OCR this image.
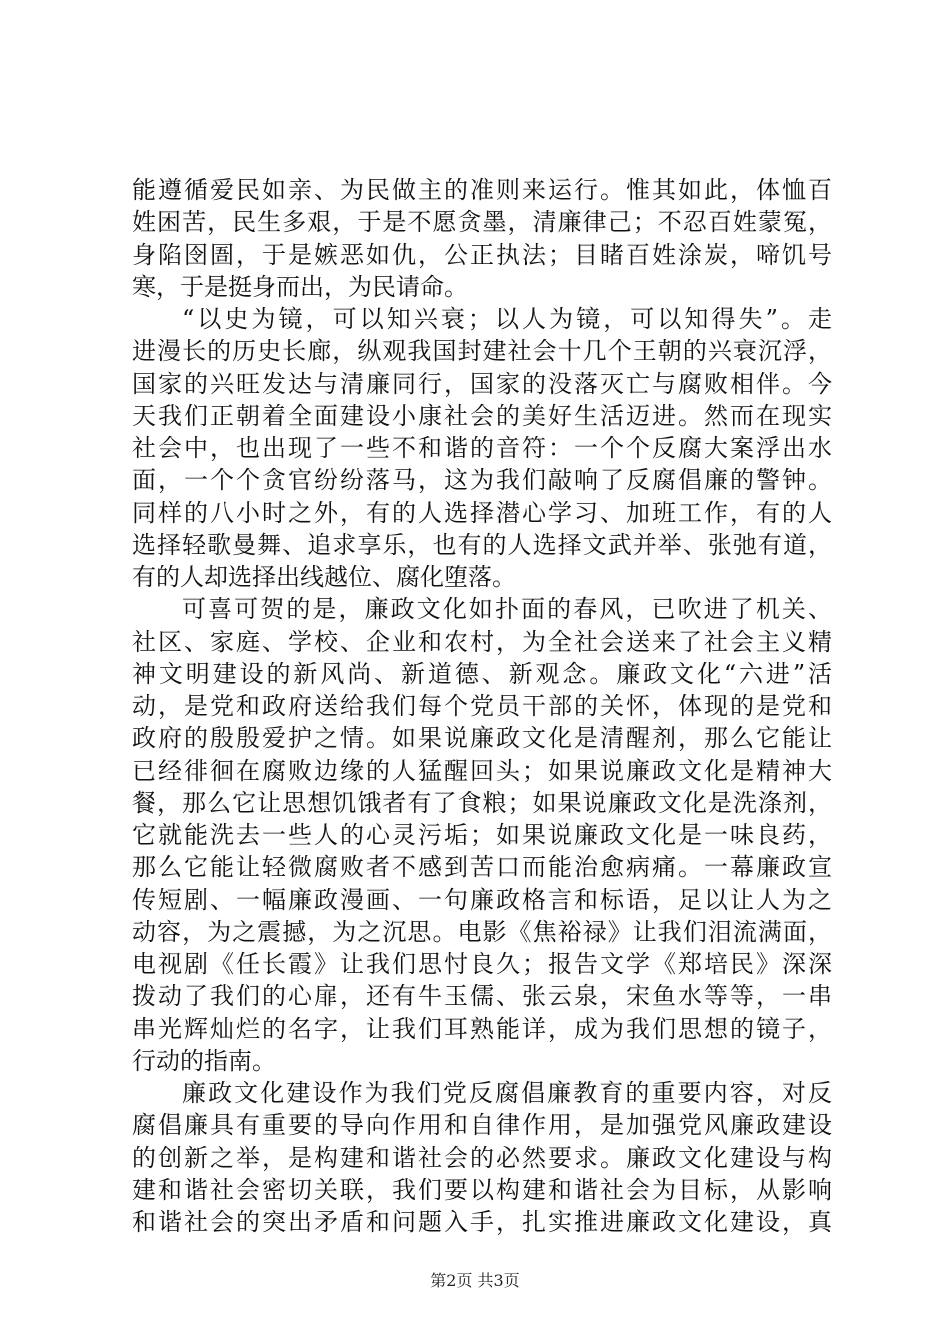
能遵循爱民如亲、为民做主的准则来运行。惟其如此，体恤百
姓困苦，民生多艰，于是不愿贪墨，清廉律己；不忍百姓蒙冤，
身陷囹圄，于是嫉恶如仇，公正执法；目睹百姓涂炭，啼饥号
寒，于是挺身而出，为民请命。
“以史为镜，可以知兴衰；以人为镜，可以知得失”。走
进漫长的历史长廊，纵观我国封建社会十几个王朝的兴衰沉浮，
国家的兴旺发达与清廉同行，国家的没落灭亡与腐败相伴。今
天我们正朝着全面建设小康社会的美好生活迈进。然而在现实
社会中，也出现了一些不和谐的音符：一个个反腐大案浮出水
面，一个个贪官纷纷落马，这为我们敲响了反腐倡廉的警钟。
同样的八小时之外，有的人选择潜心学习、加班工作，有的人
选择轻歌曼舞、追求享乐，也有的人选择文武并举、张弛有道，
有的人却选择出线越位、腐化堕落。
可喜可贺的是，廉政文化如扑面的春风，已吹进了机关、
社区、家庭、学校、企业和农村，为全社会送来了社会主义精
神文明建设的新风尚、新道德、新观念。廉政文化“六进”活
动，是党和政府送给我们每个党员干部的关怀，体现的是党和
政府的殷殷爱护之情。如果说廉政文化是清醒剂，那么它能让
已经徘徊在腐败边缘的人猛醒回头；如果说廉政文化是精神大
餐，那么它让思想饥饿者有了食粮；如果说廉政文化是洗涤剂，
它就能洗去一些人的心灵污垢；如果说廉政文化是一味良药，
那么它能让轻微腐败者不感到苦口而能治愈病痛。一幕廉政宣
传短剧、一幅廉政漫画、一句廉政格言和标语，足以让人为之
动容，为之震撼，为之沉思。电影《焦裕禄》让我们泪流满面，
电视剧《任长霞》让我们思忖良久；报告文学《郑培民》深深
拨动了我们的心扉，还有牛玉儒、张云泉，宋鱼水等等，一串
串光辉灿烂的名字，让我们耳熟能详，成为我们思想的镜子，
行动的指南。
廉政文化建设作为我们党反腐倡廉教育的重要内容，对反
腐倡廉具有重要的导向作用和自律作用，是加强党风廉政建设
的创新之举，是构建和谐社会的必然要求。廉政文化建设与构
建和谐社会密切关联，我们要以构建和谐社会为目标，从影响
和谐社会的突出矛盾和问题入手，扎实推进廉政文化建设，真
第2页 共3页
